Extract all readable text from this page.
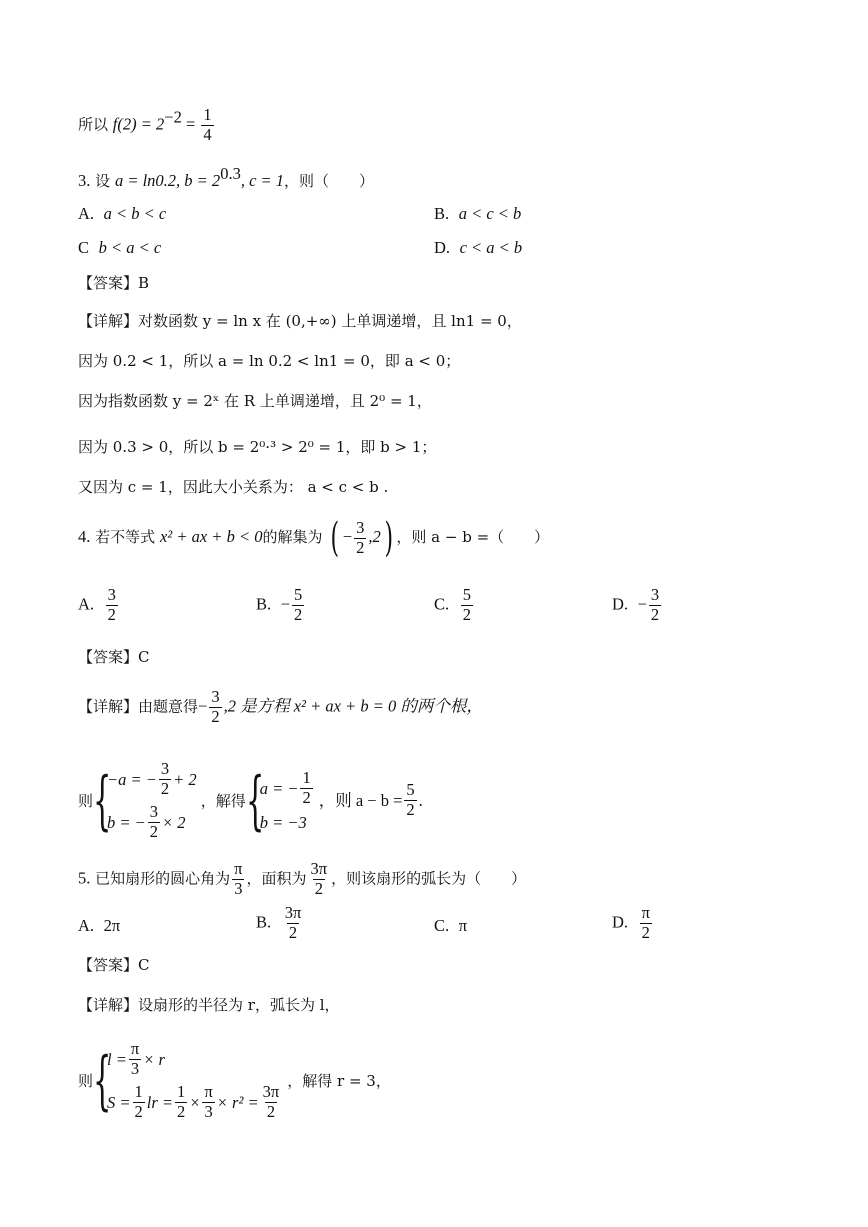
所以 $f(2) = 2^{-2} = \frac{1}{4}$
3. 设 a = ln0.2, $b = 2^{0.3}$, c = 1，则（　　）
A. a < b < c	B. a < c < b
C b < a < c	D. c < a < b
【答案】B
【详解】对数函数 y = ln x 在 (0,+∞) 上单调递增，且 ln1 = 0，
因为 0.2 < 1，所以 a = ln 0.2 < ln1 = 0，即 a < 0；
因为指数函数 y = 2ˣ 在 R 上单调递增，且 2⁰ = 1，
因为 0.3 > 0，所以 b = 2⁰·³ > 2⁰ = 1，即 b > 1；
又因为 c = 1，因此大小关系为： a < c < b .
4. 若不等式 x² + ax + b < 0的解集为 ( − $\frac{3}{2} ,2$) ，则 a − b =（　　）
A. $\frac{3}{2}$	B. − $\frac{5}{2}$	C. $\frac{5}{2}$	D. − $\frac{3}{2}$
【答案】C
【详解】由题意得− $\frac{3}{2} ,2$ 是方程 x² + ax + b = 0 的两个根，
则 {
−a = − $\frac{3}{2} + 2$
b = − $\frac{3}{2} \times 2$
，解得 {
a = − $\frac{1}{2}$
b = −3
，则 $a - b = \frac{5}{2}$ .
5. 已知扇形的圆心角为 $\frac{\pi}{3}$ ，面积为 $\frac{3\pi}{2}$ ，则该扇形的弧长为（　　）
A. 2π	B. $\frac{3\pi}{2}$	C. π	D. $\frac{\pi}{2}$
【答案】C
【详解】设扇形的半径为 r，弧长为 l，
则 {
$l = \frac{\pi}{3} \times r$
$S = \frac{1}{2}$ lr = $\frac{1}{2} \times \frac{\pi}{3} \times r^2 = \frac{3\pi}{2}$
，解得 r = 3，
